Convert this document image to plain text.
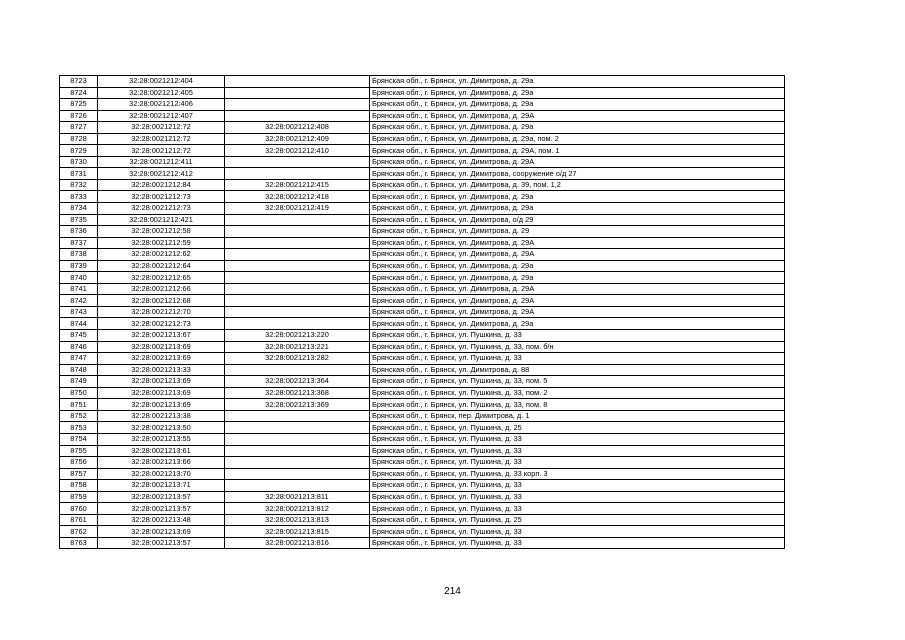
8723	32:28:0021212:404		Брянская обл., г. Брянск, ул. Димитрова, д. 29а
8724	32:28:0021212:405		Брянская обл., г. Брянск, ул. Димитрова, д. 29а
8725	32:28:0021212:406		Брянская обл., г. Брянск, ул. Димитрова, д. 29а
8726	32:28:0021212:407		Брянская обл., г. Брянск, ул. Димитрова, д. 29А
8727	32:28:0021212:72	32:28:0021212:408	Брянская обл., г. Брянск, ул. Димитрова, д. 29а
8728	32:28:0021212:72	32:28:0021212:409	Брянская обл., г. Брянск, ул. Димитрова, д. 29а, пом. 2
8729	32:28:0021212:72	32:28:0021212:410	Брянская обл., г. Брянск, ул. Димитрова, д. 29А, пом. 1
8730	32:28:0021212:411		Брянская обл., г. Брянск, ул. Димитрова, д. 29А
8731	32:28:0021212:412		Брянская обл., г. Брянск, ул. Димитрова, сооружение о/д 27
8732	32:28:0021212:84	32:28:0021212:415	Брянская обл., г. Брянск, ул. Димитрова, д. 39, пом. 1,2
8733	32:28:0021212:73	32:28:0021212:418	Брянская обл., г. Брянск, ул. Димитрова, д. 29а
8734	32:28:0021212:73	32:28:0021212:419	Брянская обл., г. Брянск, ул. Димитрова, д. 29а
8735	32:28:0021212:421		Брянская обл., г. Брянск, ул. Димитрова, о/д 29
8736	32:28:0021212:58		Брянская обл., г. Брянск, ул. Димитрова, д. 29
8737	32:28:0021212:59		Брянская обл., г. Брянск, ул. Димитрова, д. 29А
8738	32:28:0021212:62		Брянская обл., г. Брянск, ул. Димитрова, д. 29А
8739	32:28:0021212:64		Брянская обл., г. Брянск, ул. Димитрова, д. 29а
8740	32:28:0021212:65		Брянская обл., г. Брянск, ул. Димитрова, д. 29а
8741	32:28:0021212:66		Брянская обл., г. Брянск, ул. Димитрова, д. 29А
8742	32:28:0021212:68		Брянская обл., г. Брянск, ул. Димитрова, д. 29А
8743	32:28:0021212:70		Брянская обл., г. Брянск, ул. Димитрова, д. 29А
8744	32:28:0021212:73		Брянская обл., г. Брянск, ул. Димитрова, д. 29а
8745	32:28:0021213:67	32:28:0021213:220	Брянская обл., г. Брянск, ул. Пушкина, д. 33
8746	32:28:0021213:69	32:28:0021213:221	Брянская обл., г. Брянск, ул. Пушкина, д. 33, пом. б/н
8747	32:28:0021213:69	32:28:0021213:282	Брянская обл., г. Брянск, ул. Пушкина, д. 33
8748	32:28:0021213:33		Брянская обл., г. Брянск, ул. Димитрова, д. 88
8749	32:28:0021213:69	32:28:0021213:364	Брянская обл., г. Брянск, ул. Пушкина, д. 33, пом. 5
8750	32:28:0021213:69	32:28:0021213:368	Брянская обл., г. Брянск, ул. Пушкина, д. 33, пом. 2
8751	32:28:0021213:69	32:28:0021213:369	Брянская обл., г. Брянск, ул. Пушкина, д. 33, пом. 8
8752	32:28:0021213:38		Брянская обл., г. Брянск, пер. Димитрова, д. 1
8753	32:28:0021213:50		Брянская обл., г. Брянск, ул. Пушкина, д. 25
8754	32:28:0021213:55		Брянская обл., г. Брянск, ул. Пушкина, д. 33
8755	32:28:0021213:61		Брянская обл., г. Брянск, ул. Пушкина, д. 33
8756	32:28:0021213:66		Брянская обл., г. Брянск, ул. Пушкина, д. 33
8757	32:28:0021213:70		Брянская обл., г. Брянск, ул. Пушкина, д. 33 корп. 3
8758	32:28:0021213:71		Брянская обл., г. Брянск, ул. Пушкина, д. 33
8759	32:28:0021213:57	32:28:0021213:811	Брянская обл., г. Брянск, ул. Пушкина, д. 33
8760	32:28:0021213:57	32:28:0021213:812	Брянская обл., г. Брянск, ул. Пушкина, д. 33
8761	32:28:0021213:48	32:28:0021213:813	Брянская обл., г. Брянск, ул. Пушкина, д. 25
8762	32:28:0021213:69	32:28:0021213:815	Брянская обл., г. Брянск, ул. Пушкина, д. 33
8763	32:28:0021213:57	32:28:0021213:816	Брянская обл., г. Брянск, ул. Пушкина, д. 33
214
